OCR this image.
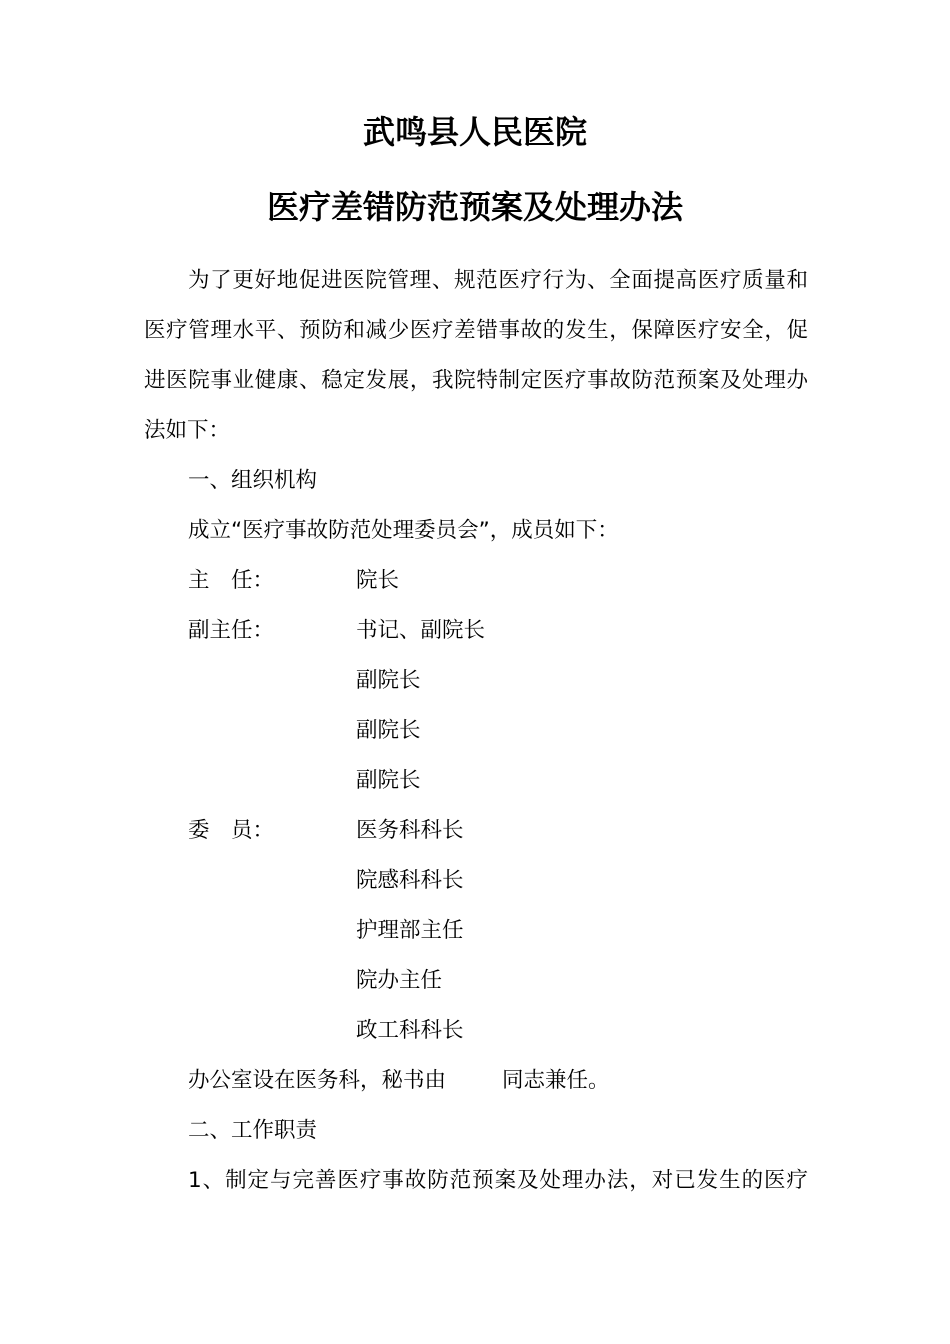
武鸣县人民医院
医疗差错防范预案及处理办法
为了更好地促进医院管理、规范医疗行为、全面提高医疗质量和
医疗管理水平、预防和减少医疗差错事故的发生，保障医疗安全，促
进医院事业健康、稳定发展，我院特制定医疗事故防范预案及处理办
法如下：
一、组织机构
成立“医疗事故防范处理委员会”，成员如下：
主　任：	院长
副主任：	书记、副院长
副院长
副院长
副院长
委　员：	医务科科长
院感科科长
护理部主任
院办主任
政工科科长
办公室设在医务科，秘书由	同志兼任。
二、工作职责
1、制定与完善医疗事故防范预案及处理办法，对已发生的医疗
